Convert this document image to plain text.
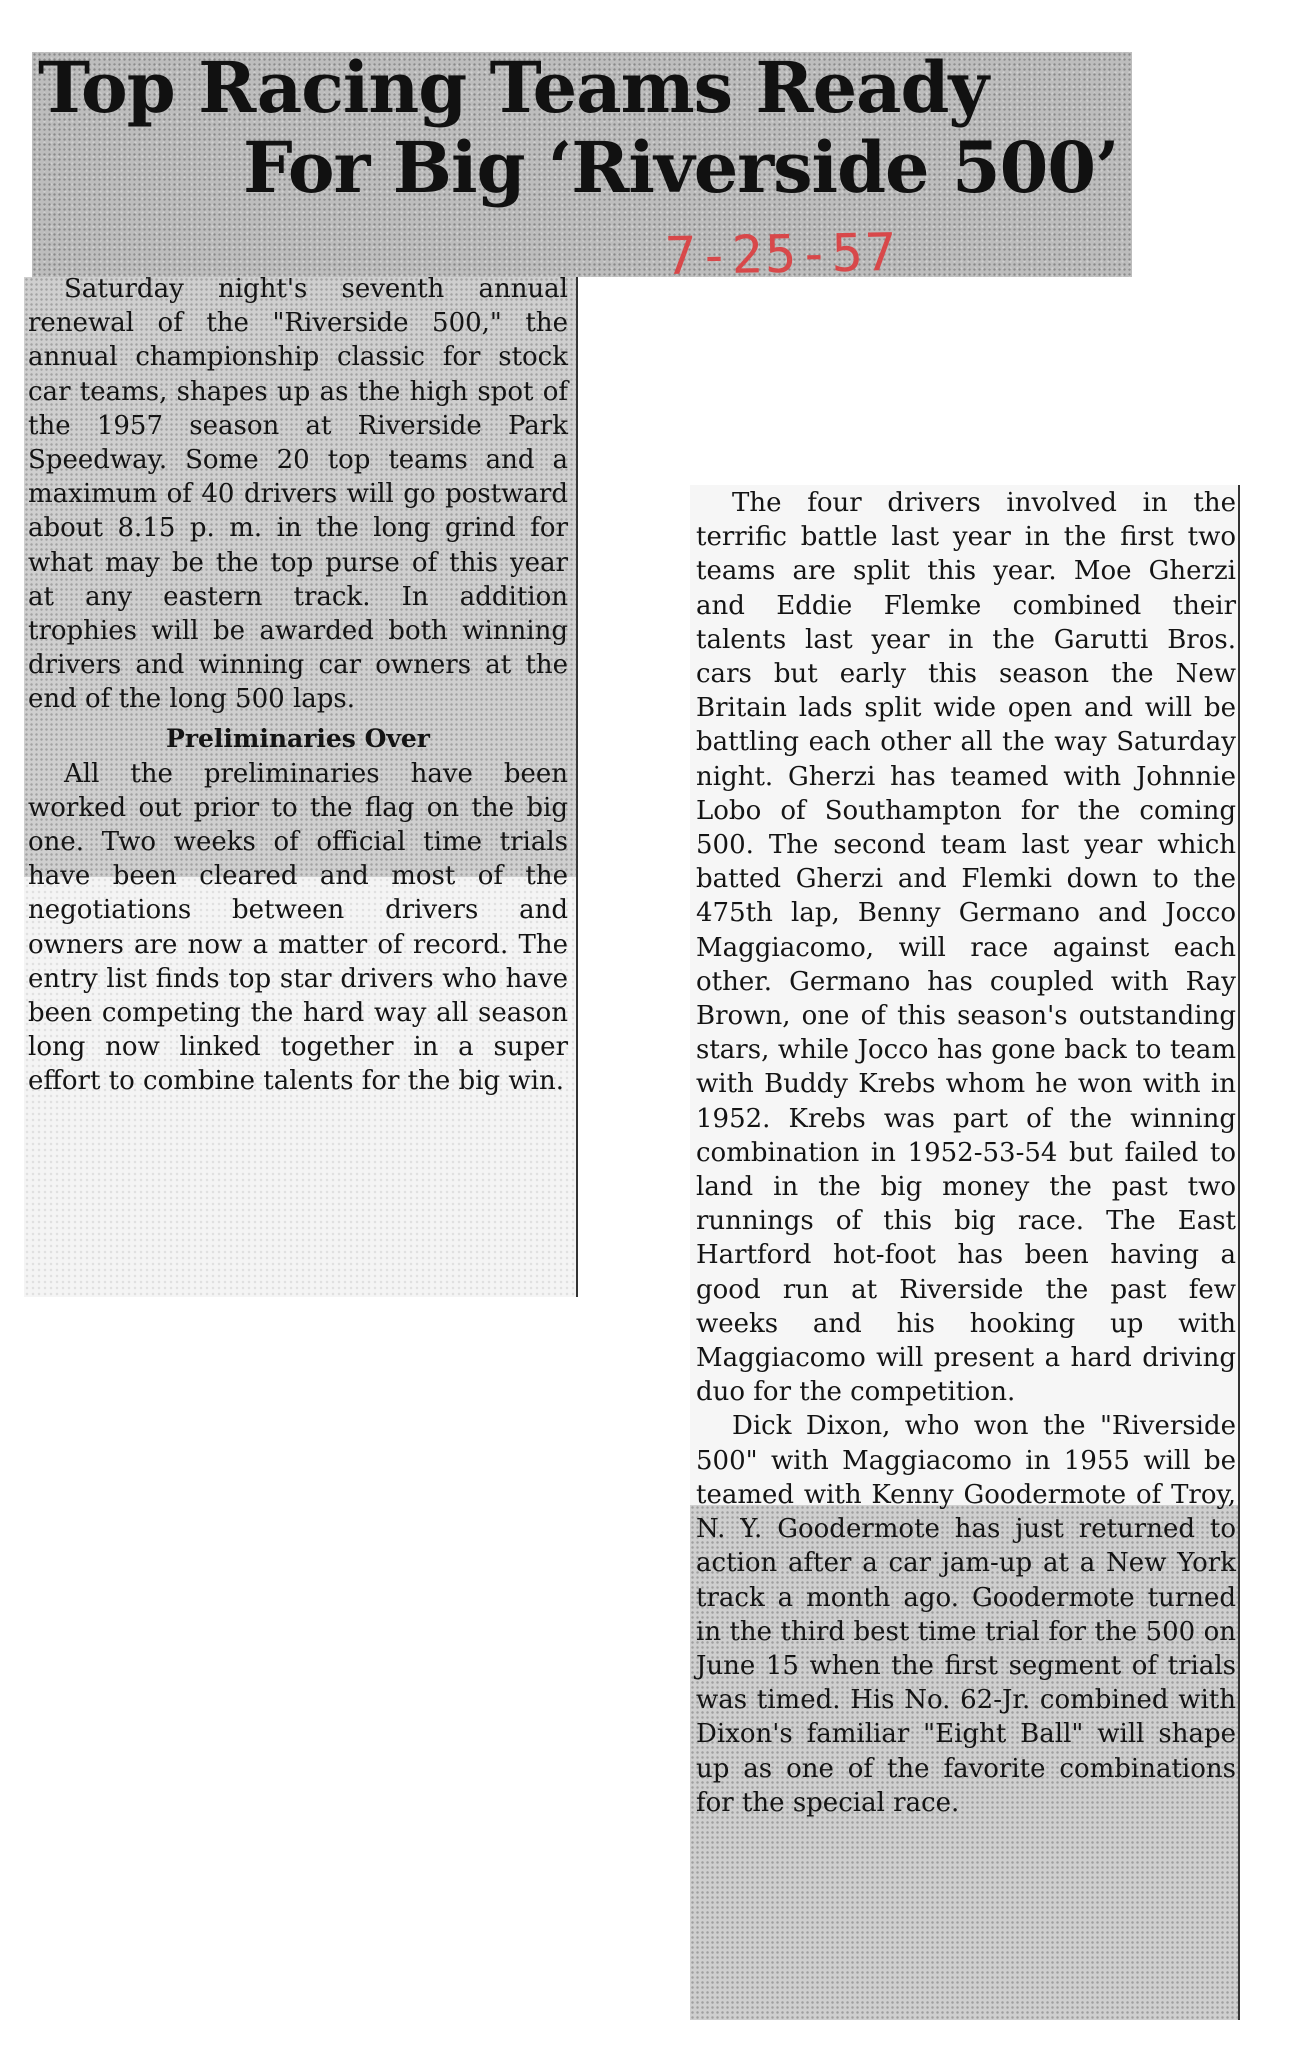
Top Racing Teams Ready
For Big ‘Riverside 500’
7-25-57

Saturday night's seventh annual renewal of the "Riverside 500," the annual championship classic for stock car teams, shapes up as the high spot of the 1957 season at Riverside Park Speedway. Some 20 top teams and a maximum of 40 drivers will go postward about 8.15 p. m. in the long grind for what may be the top purse of this year at any eastern track. In addition trophies will be awarded both winning drivers and winning car owners at the end of the long 500 laps.

Preliminaries Over

All the preliminaries have been worked out prior to the flag on the big one. Two weeks of official time trials have been cleared and most of the negotiations between drivers and owners are now a matter of record. The entry list finds top star drivers who have been competing the hard way all season long now linked together in a super effort to combine talents for the big win.

The four drivers involved in the terrific battle last year in the first two teams are split this year. Moe Gherzi and Eddie Flemke combined their talents last year in the Garutti Bros. cars but early this season the New Britain lads split wide open and will be battling each other all the way Saturday night. Gherzi has teamed with Johnnie Lobo of Southampton for the coming 500. The second team last year which batted Gherzi and Flemki down to the 475th lap, Benny Germano and Jocco Maggiacomo, will race against each other. Germano has coupled with Ray Brown, one of this season's outstanding stars, while Jocco has gone back to team with Buddy Krebs whom he won with in 1952. Krebs was part of the winning combination in 1952-53-54 but failed to land in the big money the past two runnings of this big race. The East Hartford hot-foot has been having a good run at Riverside the past few weeks and his hooking up with Maggiacomo will present a hard driving duo for the competition.

Dick Dixon, who won the "Riverside 500" with Maggiacomo in 1955 will be teamed with Kenny Goodermote of Troy, N. Y. Goodermote has just returned to action after a car jam-up at a New York track a month ago. Goodermote turned in the third best time trial for the 500 on June 15 when the first segment of trials was timed. His No. 62-Jr. combined with Dixon's familiar "Eight Ball" will shape up as one of the favorite combinations for the special race.
